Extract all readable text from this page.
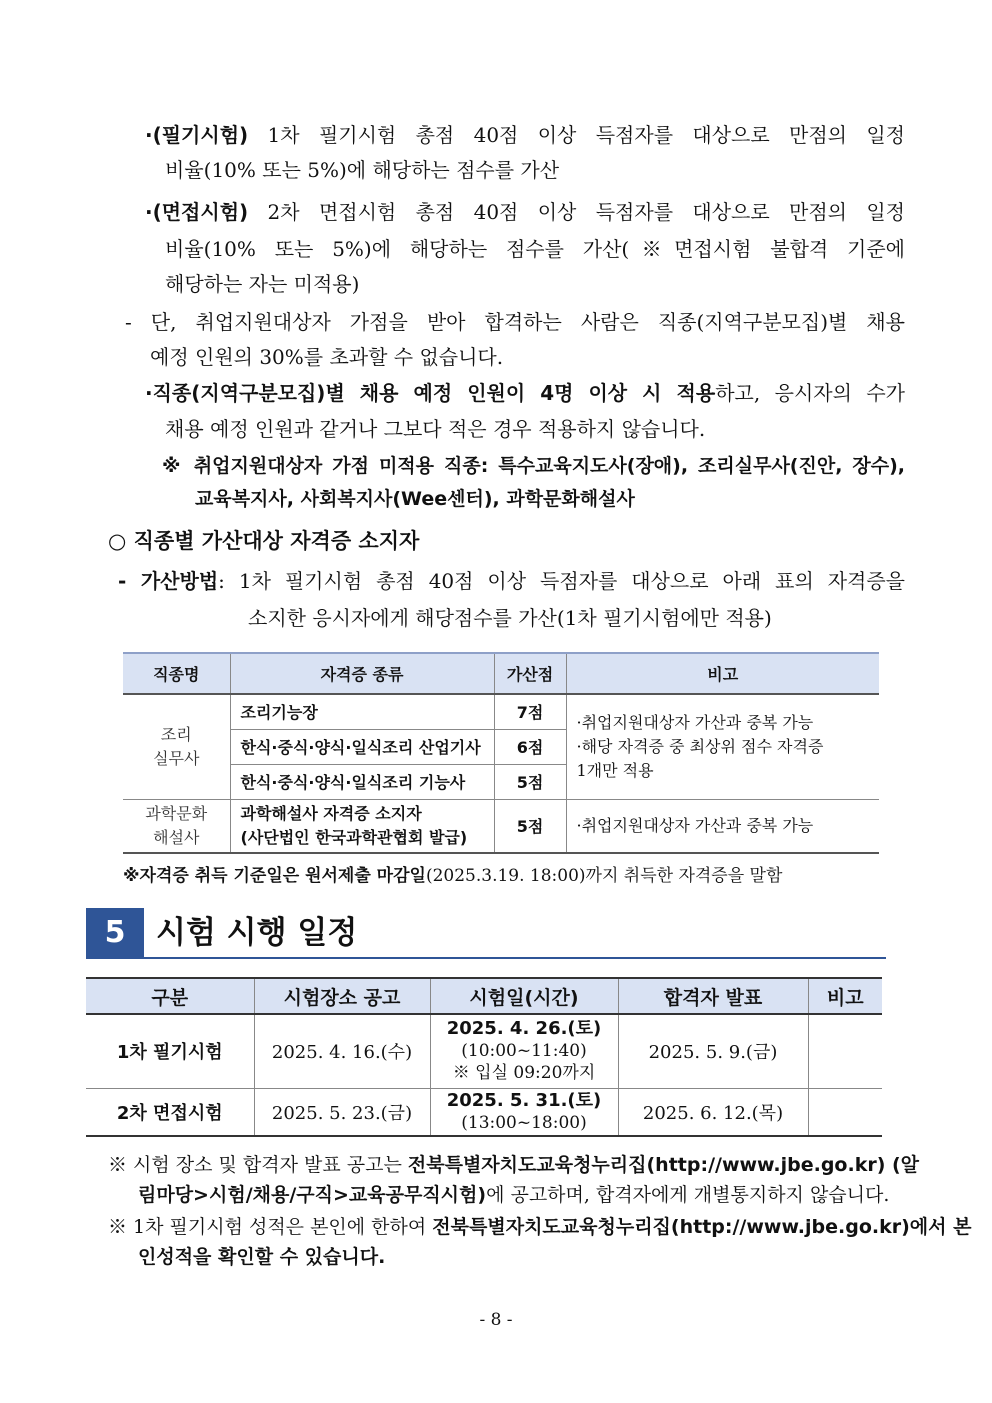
·(필기시험) 1차 필기시험 총점 40점 이상 득점자를 대상으로 만점의 일정
비율(10% 또는 5%)에 해당하는 점수를 가산
·(면접시험) 2차 면접시험 총점 40점 이상 득점자를 대상으로 만점의 일정
비율(10% 또는 5%)에 해당하는 점수를 가산(※면접시험 불합격 기준에
해당하는 자는 미적용)
- 단, 취업지원대상자 가점을 받아 합격하는 사람은 직종(지역구분모집)별 채용
예정 인원의 30%를 초과할 수 없습니다.
·직종(지역구분모집)별 채용 예정 인원이 4명 이상 시 적용하고, 응시자의 수가
채용 예정 인원과 같거나 그보다 적은 경우 적용하지 않습니다.
※ 취업지원대상자 가점 미적용 직종: 특수교육지도사(장애), 조리실무사(진안, 장수),
교육복지사, 사회복지사(Wee센터), 과학문화해설사
○ 직종별 가산대상 자격증 소지자
- 가산방법: 1차 필기시험 총점 40점 이상 득점자를 대상으로 아래 표의 자격증을
소지한 응시자에게 해당점수를 가산(1차 필기시험에만 적용)
직종명	자격증 종류	가산점	비고
조리
실무사	조리기능장	7점	·취업지원대상자 가산과 중복 가능
·해당 자격증 중 최상위 점수 자격증
1개만 적용
	한식·중식·양식·일식조리 산업기사	6점	
	한식·중식·양식·일식조리 기능사	5점	
과학문화
해설사	과학해설사 자격증 소지자
(사단법인 한국과학관협회 발급)	5점	·취업지원대상자 가산과 중복 가능
※자격증 취득 기준일은 원서제출 마감일(2025.3.19. 18:00)까지 취득한 자격증을 말함
5 시험 시행 일정
구분	시험장소 공고	시험일(시간)	합격자 발표	비고
1차 필기시험	2025. 4. 16.(수)	2025. 4. 26.(토)
(10:00~11:40)
※ 입실 09:20까지	2025. 5. 9.(금)	
2차 면접시험	2025. 5. 23.(금)	2025. 5. 31.(토)
(13:00~18:00)	2025. 6. 12.(목)	
※ 시험 장소 및 합격자 발표 공고는 전북특별자치도교육청누리집(http://www.jbe.go.kr) (알
림마당>시험/채용/구직>교육공무직시험)에 공고하며, 합격자에게 개별통지하지 않습니다.
※ 1차 필기시험 성적은 본인에 한하여 전북특별자치도교육청누리집(http://www.jbe.go.kr)에서 본
인성적을 확인할 수 있습니다.
- 8 -
